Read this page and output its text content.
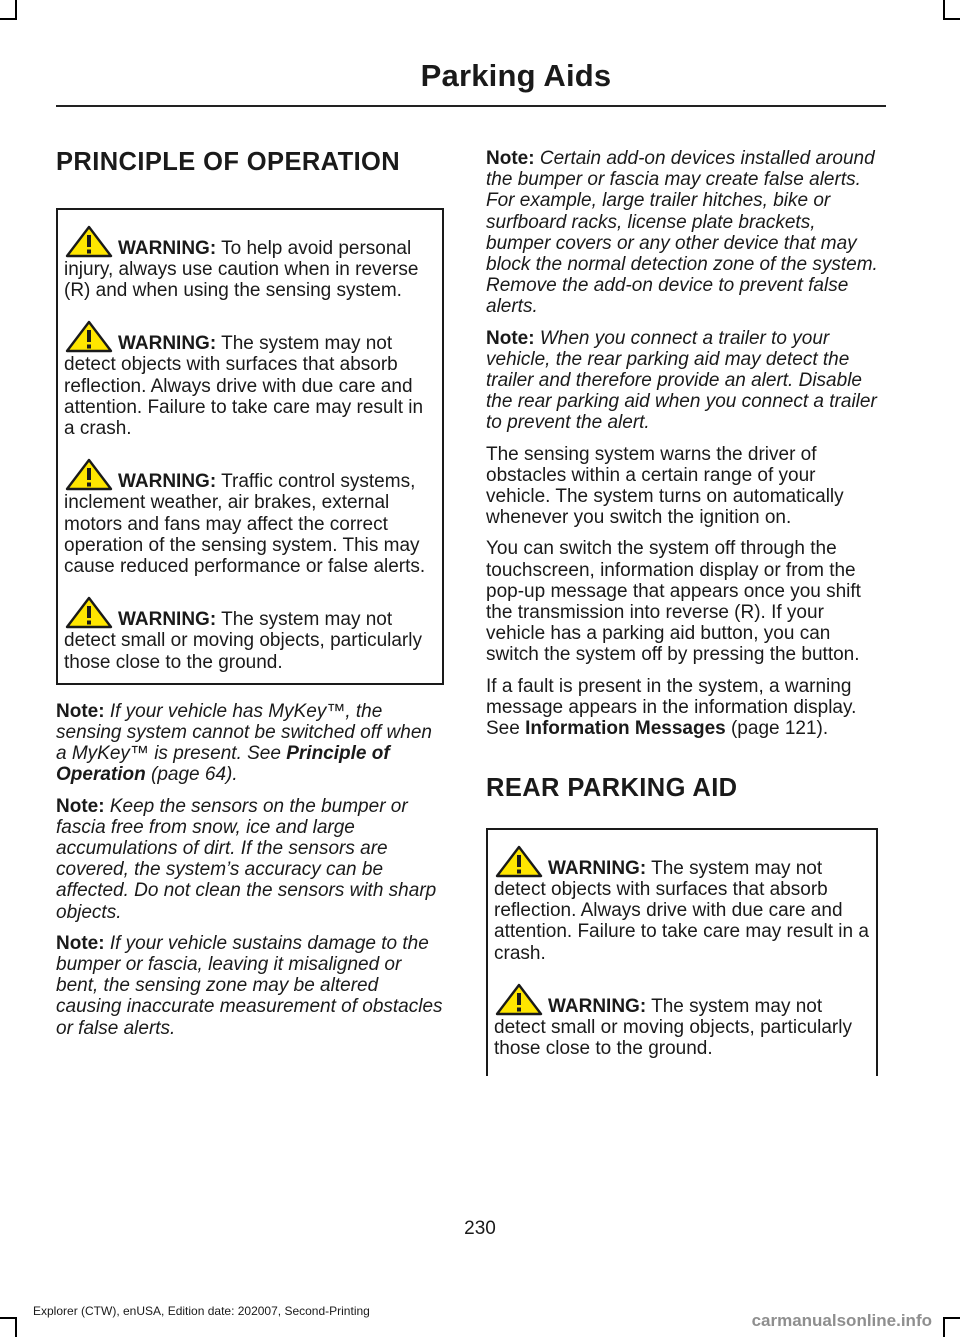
Parking Aids
PRINCIPLE OF OPERATION

WARNING: To help avoid personal injury, always use caution when in reverse (R) and when using the sensing system.

WARNING: The system may not detect objects with surfaces that absorb reflection. Always drive with due care and attention. Failure to take care may result in a crash.

WARNING: Traffic control systems, inclement weather, air brakes, external motors and fans may affect the correct operation of the sensing system. This may cause reduced performance or false alerts.

WARNING: The system may not detect small or moving objects, particularly those close to the ground.

Note: If your vehicle has MyKey™, the sensing system cannot be switched off when a MyKey™ is present. See Principle of Operation (page 64).

Note: Keep the sensors on the bumper or fascia free from snow, ice and large accumulations of dirt. If the sensors are covered, the system’s accuracy can be affected. Do not clean the sensors with sharp objects.

Note: If your vehicle sustains damage to the bumper or fascia, leaving it misaligned or bent, the sensing zone may be altered causing inaccurate measurement of obstacles or false alerts.

Note: Certain add-on devices installed around the bumper or fascia may create false alerts. For example, large trailer hitches, bike or surfboard racks, license plate brackets, bumper covers or any other device that may block the normal detection zone of the system. Remove the add-on device to prevent false alerts.

Note: When you connect a trailer to your vehicle, the rear parking aid may detect the trailer and therefore provide an alert. Disable the rear parking aid when you connect a trailer to prevent the alert.

The sensing system warns the driver of obstacles within a certain range of your vehicle. The system turns on automatically whenever you switch the ignition on.

You can switch the system off through the touchscreen, information display or from the pop-up message that appears once you shift the transmission into reverse (R). If your vehicle has a parking aid button, you can switch the system off by pressing the button.

If a fault is present in the system, a warning message appears in the information display. See Information Messages (page 121).

REAR PARKING AID

WARNING: The system may not detect objects with surfaces that absorb reflection. Always drive with due care and attention. Failure to take care may result in a crash.

WARNING: The system may not detect small or moving objects, particularly those close to the ground.

230
Explorer (CTW), enUSA, Edition date: 202007, Second-Printing	carmanualsonline.info
